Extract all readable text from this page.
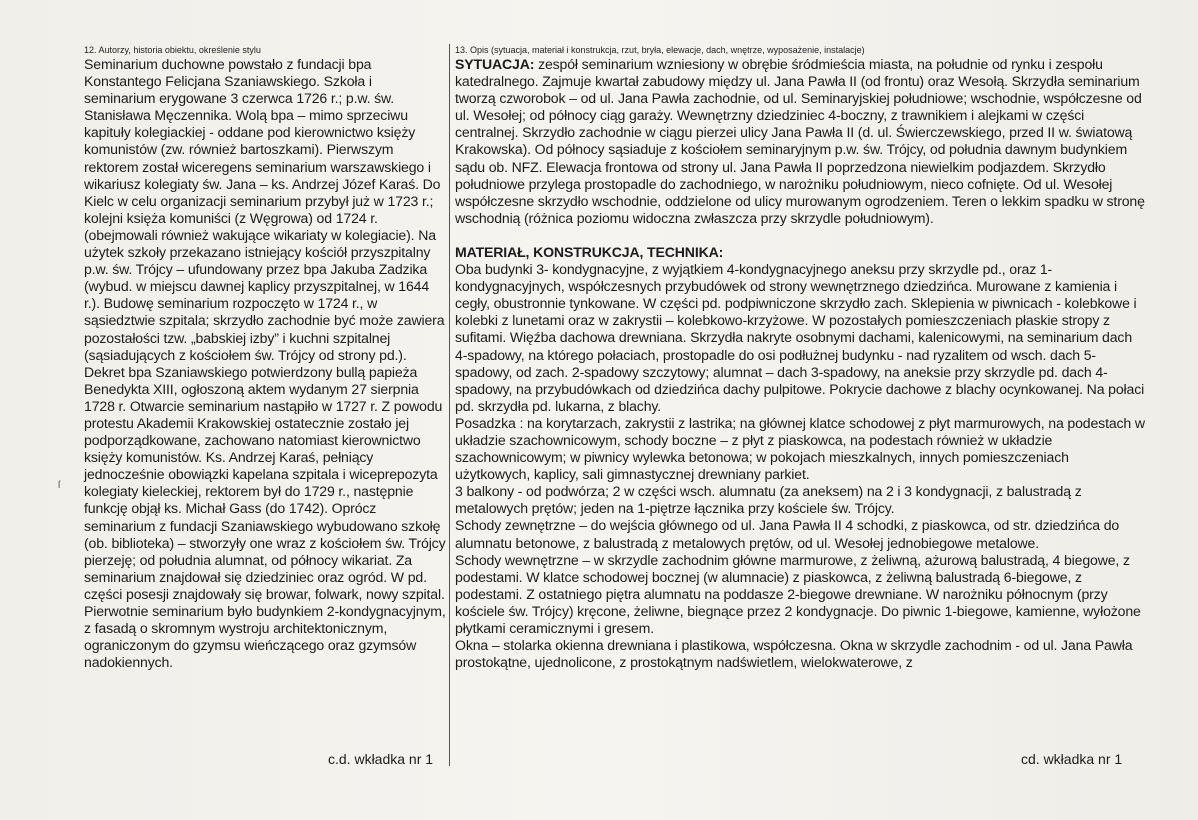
12. Autorzy, historia obiektu, określenie stylu

Seminarium duchowne powstało z fundacji bpa Konstantego Felicjana Szaniawskiego. Szkoła i seminarium erygowane 3 czerwca 1726 r.; p.w. św. Stanisława Męczennika. Wolą bpa – mimo sprzeciwu kapituły kolegiackiej - oddane pod kierownictwo księży komunistów (zw. również bartoszkami). Pierwszym rektorem został wiceregens seminarium warszawskiego i wikariusz kolegiaty św. Jana – ks. Andrzej Józef Karaś. Do Kielc w celu organizacji seminarium przybył już w 1723 r.; kolejni księża komuniści (z Węgrowa) od 1724 r. (obejmowali również wakujące wikariaty w kolegiacie). Na użytek szkoły przekazano istniejący kościół przyszpitalny p.w. św. Trójcy – ufundowany przez bpa Jakuba Zadzika (wybud. w miejscu dawnej kaplicy przyszpitalnej, w 1644 r.). Budowę seminarium rozpoczęto w 1724 r., w sąsiedztwie szpitala; skrzydło zachodnie być może zawiera pozostałości tzw. „babskiej izby” i kuchni szpitalnej (sąsiadujących z kościołem św. Trójcy od strony pd.). Dekret bpa Szaniawskiego potwierdzony bullą papieża Benedykta XIII, ogłoszoną aktem wydanym 27 sierpnia 1728 r. Otwarcie seminarium nastąpiło w 1727 r. Z powodu protestu Akademii Krakowskiej ostatecznie zostało jej podporządkowane, zachowano natomiast kierownictwo księży komunistów. Ks. Andrzej Karaś, pełniący jednocześnie obowiązki kapelana szpitala i wiceprepozyta kolegiaty kieleckiej, rektorem był do 1729 r., następnie funkcję objął ks. Michał Gass (do 1742). Oprócz seminarium z fundacji Szaniawskiego wybudowano szkołę (ob. biblioteka) – stworzyły one wraz z kościołem św. Trójcy pierzeję; od południa alumnat, od północy wikariat. Za seminarium znajdował się dziedziniec oraz ogród. W pd. części posesji znajdowały się browar, folwark, nowy szpital. Pierwotnie seminarium było budynkiem 2-kondygnacyjnym, z fasadą o skromnym wystroju architektonicznym, ograniczonym do gzymsu wieńczącego oraz gzymsów nadokiennych.

13. Opis (sytuacja, materiał i konstrukcja, rzut, bryła, elewacje, dach, wnętrze, wyposażenie, instalacje)

SYTUACJA: zespół seminarium wzniesiony w obrębie śródmieścia miasta, na południe od rynku i zespołu katedralnego. Zajmuje kwartał zabudowy między ul. Jana Pawła II (od frontu) oraz Wesołą. Skrzydła seminarium tworzą czworobok – od ul. Jana Pawła zachodnie, od ul. Seminaryjskiej południowe; wschodnie, współczesne od ul. Wesołej; od północy ciąg garaży. Wewnętrzny dziedziniec 4-boczny, z trawnikiem i alejkami w części centralnej. Skrzydło zachodnie w ciągu pierzei ulicy Jana Pawła II (d. ul. Świerczewskiego, przed II w. światową Krakowska). Od północy sąsiaduje z kościołem seminaryjnym p.w. św. Trójcy, od południa dawnym budynkiem sądu ob. NFZ. Elewacja frontowa od strony ul. Jana Pawła II poprzedzona niewielkim podjazdem. Skrzydło południowe przylega prostopadle do zachodniego, w narożniku południowym, nieco cofnięte. Od ul. Wesołej współczesne skrzydło wschodnie, oddzielone od ulicy murowanym ogrodzeniem. Teren o lekkim spadku w stronę wschodnią (różnica poziomu widoczna zwłaszcza przy skrzydle południowym).

MATERIAŁ, KONSTRUKCJA, TECHNIKA:

Oba budynki 3- kondygnacyjne, z wyjątkiem 4-kondygnacyjnego aneksu przy skrzydle pd., oraz 1-kondygnacyjnych, współczesnych przybudówek od strony wewnętrznego dziedzińca. Murowane z kamienia i cegły, obustronnie tynkowane. W części pd. podpiwniczone skrzydło zach. Sklepienia w piwnicach - kolebkowe i kolebki z lunetami oraz w zakrystii – kolebkowo-krzyżowe. W pozostałych pomieszczeniach płaskie stropy z sufitami. Więźba dachowa drewniana. Skrzydła nakryte osobnymi dachami, kalenicowymi, na seminarium dach 4-spadowy, na którego połaciach, prostopadle do osi podłużnej budynku - nad ryzalitem od wsch. dach 5-spadowy, od zach. 2-spadowy szczytowy; alumnat – dach 3-spadowy, na aneksie przy skrzydle pd. dach 4-spadowy, na przybudówkach od dziedzińca dachy pulpitowe. Pokrycie dachowe z blachy ocynkowanej. Na połaci pd. skrzydła pd. lukarna, z blachy.

Posadzka : na korytarzach, zakrystii z lastrika; na głównej klatce schodowej z płyt marmurowych, na podestach w układzie szachownicowym, schody boczne – z płyt z piaskowca, na podestach również w układzie szachownicowym; w piwnicy wylewka betonowa; w pokojach mieszkalnych, innych pomieszczeniach użytkowych, kaplicy, sali gimnastycznej drewniany parkiet.

3 balkony - od podwórza; 2 w części wsch. alumnatu (za aneksem) na 2 i 3 kondygnacji, z balustradą z metalowych prętów; jeden na 1-piętrze łącznika przy kościele św. Trójcy.

Schody zewnętrzne – do wejścia głównego od ul. Jana Pawła II 4 schodki, z piaskowca, od str. dziedzińca do alumnatu betonowe, z balustradą z metalowych prętów, od ul. Wesołej jednobiegowe metalowe.

Schody wewnętrzne – w skrzydle zachodnim główne marmurowe, z żeliwną, ażurową balustradą, 4 biegowe, z podestami. W klatce schodowej bocznej (w alumnacie) z piaskowca, z żeliwną balustradą 6-biegowe, z podestami. Z ostatniego piętra alumnatu na poddasze 2-biegowe drewniane. W narożniku północnym (przy kościele św. Trójcy) kręcone, żeliwne, biegnące przez 2 kondygnacje. Do piwnic 1-biegowe, kamienne, wyłożone płytkami ceramicznymi i gresem.

Okna – stolarka okienna drewniana i plastikowa, współczesna. Okna w skrzydle zachodnim - od ul. Jana Pawła prostokątne, ujednolicone, z prostokątnym nadświetlem, wielokwaterowe, z

c.d. wkładka nr 1	cd. wkładka nr 1
ſ
